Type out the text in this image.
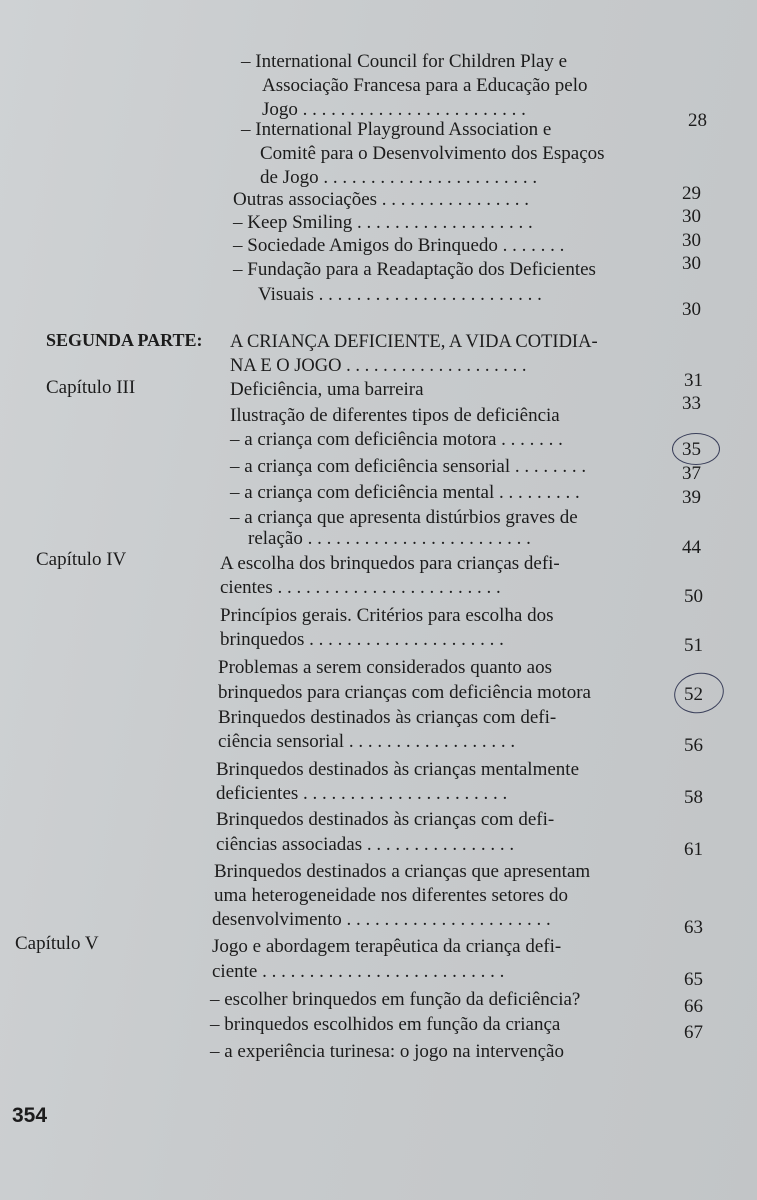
SEGUNDA PARTE:
Capítulo III
Capítulo IV
Capítulo V
– International Council for Children Play e
Associação Francesa para a Educação pelo
Jogo . . . . . . . . . . . . . . . . . . . . . . . .
– International Playground Association e
Comitê para o Desenvolvimento dos Espaços
de Jogo . . . . . . . . . . . . . . . . . . . . . . .
Outras associações . . . . . . . . . . . . . . . .
– Keep Smiling . . . . . . . . . . . . . . . . . . .
– Sociedade Amigos do Brinquedo . . . . . . .
– Fundação para a Readaptação dos Deficientes
Visuais . . . . . . . . . . . . . . . . . . . . . . . .
A CRIANÇA DEFICIENTE, A VIDA COTIDIA-
NA E O JOGO . . . . . . . . . . . . . . . . . . . .
Deficiência, uma barreira
Ilustração de diferentes tipos de deficiência
– a criança com deficiência motora . . . . . . .
– a criança com deficiência sensorial . . . . . . . .
– a criança com deficiência mental . . . . . . . . .
– a criança que apresenta distúrbios graves de
relação . . . . . . . . . . . . . . . . . . . . . . . .
A escolha dos brinquedos para crianças defi-
cientes . . . . . . . . . . . . . . . . . . . . . . . .
Princípios gerais. Critérios para escolha dos
brinquedos . . . . . . . . . . . . . . . . . . . . .
Problemas a serem considerados quanto aos
brinquedos para crianças com deficiência motora
Brinquedos destinados às crianças com defi-
ciência sensorial . . . . . . . . . . . . . . . . . .
Brinquedos destinados às crianças mentalmente
deficientes . . . . . . . . . . . . . . . . . . . . . .
Brinquedos destinados às crianças com defi-
ciências associadas . . . . . . . . . . . . . . . .
Brinquedos destinados a crianças que apresentam
uma heterogeneidade nos diferentes setores do
desenvolvimento . . . . . . . . . . . . . . . . . . . . . .
Jogo e abordagem terapêutica da criança defi-
ciente . . . . . . . . . . . . . . . . . . . . . . . . . .
– escolher brinquedos em função da deficiência?
– brinquedos escolhidos em função da criança
– a experiência turinesa: o jogo na intervenção
28
29
30
30
30
30
31
33
35
37
39
44
50
51
52
56
58
61
63
65
66
67
354
